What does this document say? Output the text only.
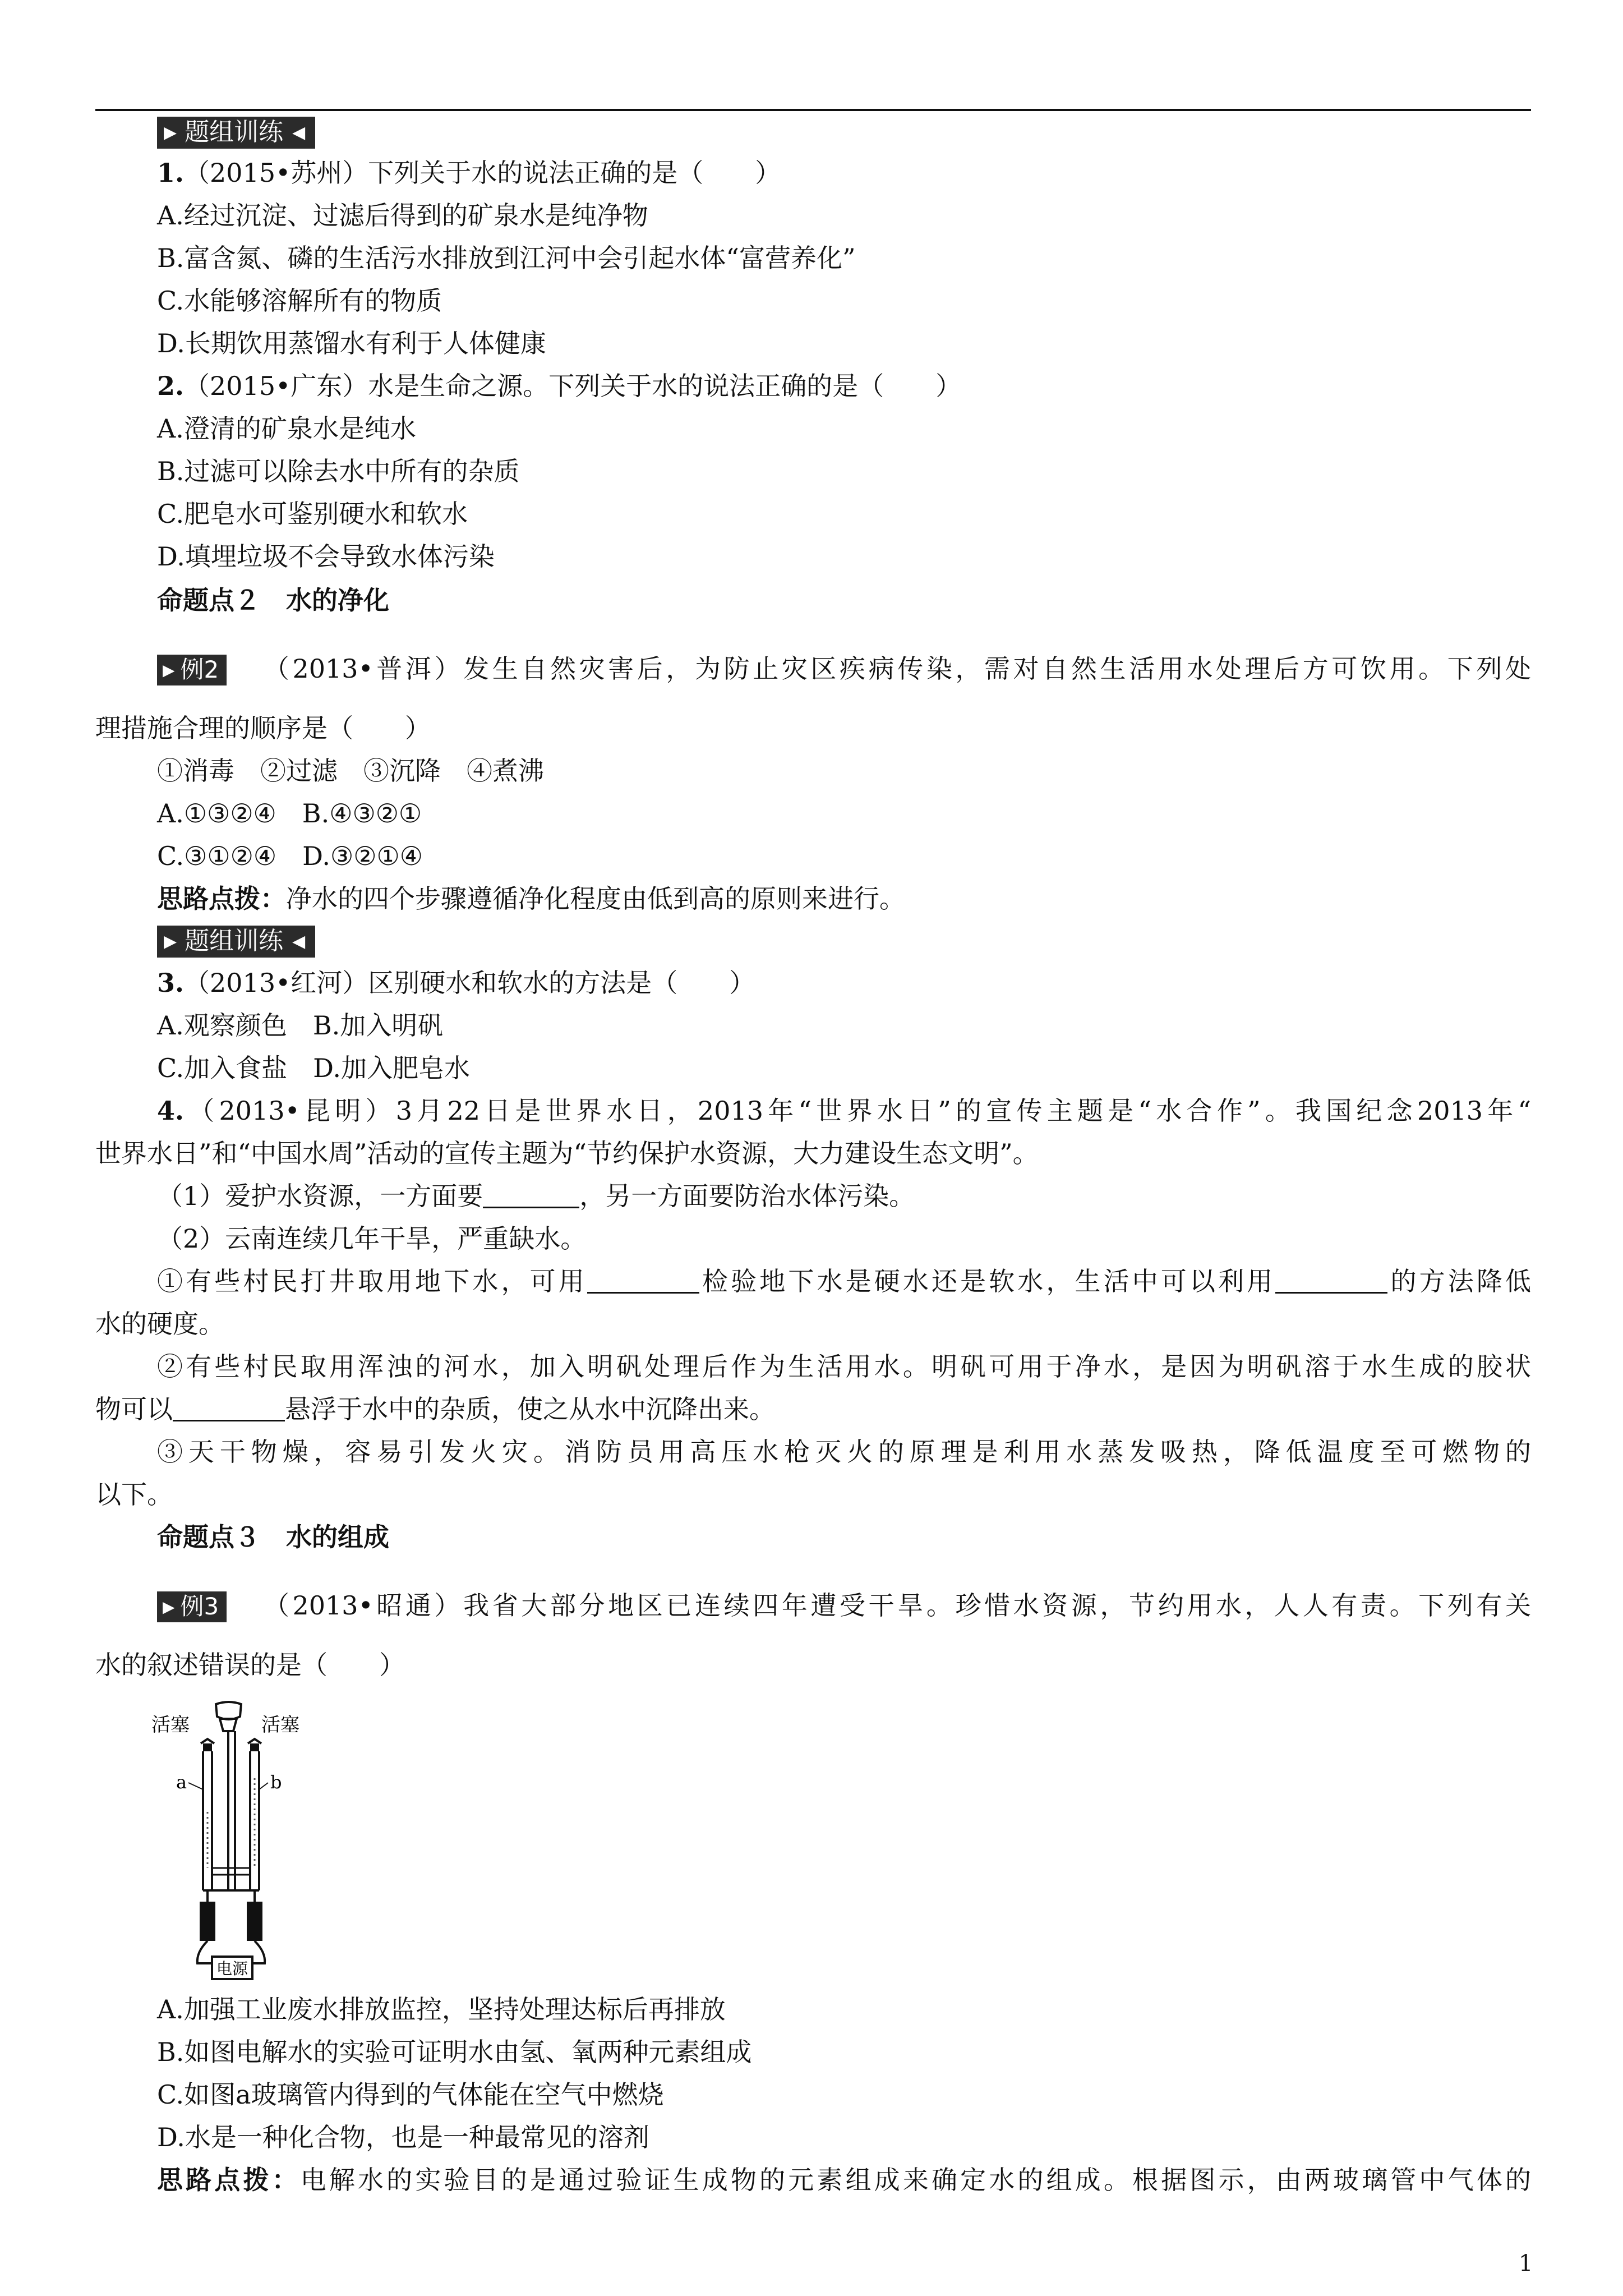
▶ 题组训练 ◀
1.（2015•苏州）下列关于水的说法正确的是（　　）
A.经过沉淀、过滤后得到的矿泉水是纯净物
B.富含氮、磷的生活污水排放到江河中会引起水体“富营养化”
C.水能够溶解所有的物质
D.长期饮用蒸馏水有利于人体健康
2.（2015•广东）水是生命之源。下列关于水的说法正确的是（　　）
A.澄清的矿泉水是纯水
B.过滤可以除去水中所有的杂质
C.肥皂水可鉴别硬水和软水
D.填埋垃圾不会导致水体污染
命题点２　水的净化
▶ 例2 （2013•普洱）发生自然灾害后，为防止灾区疾病传染，需对自然生活用水处理后方可饮用。下列处
理措施合理的顺序是（　　）
①消毒　②过滤　③沉降　④煮沸
A.①③②④　B.④③②①
C.③①②④　D.③②①④
思路点拨：净水的四个步骤遵循净化程度由低到高的原则来进行。
▶ 题组训练 ◀
3.（2013•红河）区别硬水和软水的方法是（　　）
A.观察颜色　B.加入明矾
C.加入食盐　D.加入肥皂水
4.（2013•昆明）3月22日是世界水日，2013年“世界水日”的宣传主题是“水合作”。我国纪念2013年“
世界水日”和“中国水周”活动的宣传主题为“节约保护水资源，大力建设生态文明”。
（1）爱护水资源，一方面要	，另一方面要防治水体污染。
（2）云南连续几年干旱，严重缺水。
①有些村民打井取用地下水，可用	检验地下水是硬水还是软水，生活中可以利用	的方法降低
水的硬度。
②有些村民取用浑浊的河水，加入明矾处理后作为生活用水。明矾可用于净水，是因为明矾溶于水生成的胶状
物可以	悬浮于水中的杂质，使之从水中沉降出来。
③天干物燥，容易引发火灾。消防员用高压水枪灭火的原理是利用水蒸发吸热，降低温度至可燃物的
以下。
命题点３　水的组成
▶ 例3 （2013•昭通）我省大部分地区已连续四年遭受干旱。珍惜水资源，节约用水，人人有责。下列有关
水的叙述错误的是（　　）
电源
活塞	活塞
a	b
A.加强工业废水排放监控，坚持处理达标后再排放
B.如图电解水的实验可证明水由氢、氧两种元素组成
C.如图a玻璃管内得到的气体能在空气中燃烧
D.水是一种化合物，也是一种最常见的溶剂
思路点拨：电解水的实验目的是通过验证生成物的元素组成来确定水的组成。根据图示，由两玻璃管中气体的
1
